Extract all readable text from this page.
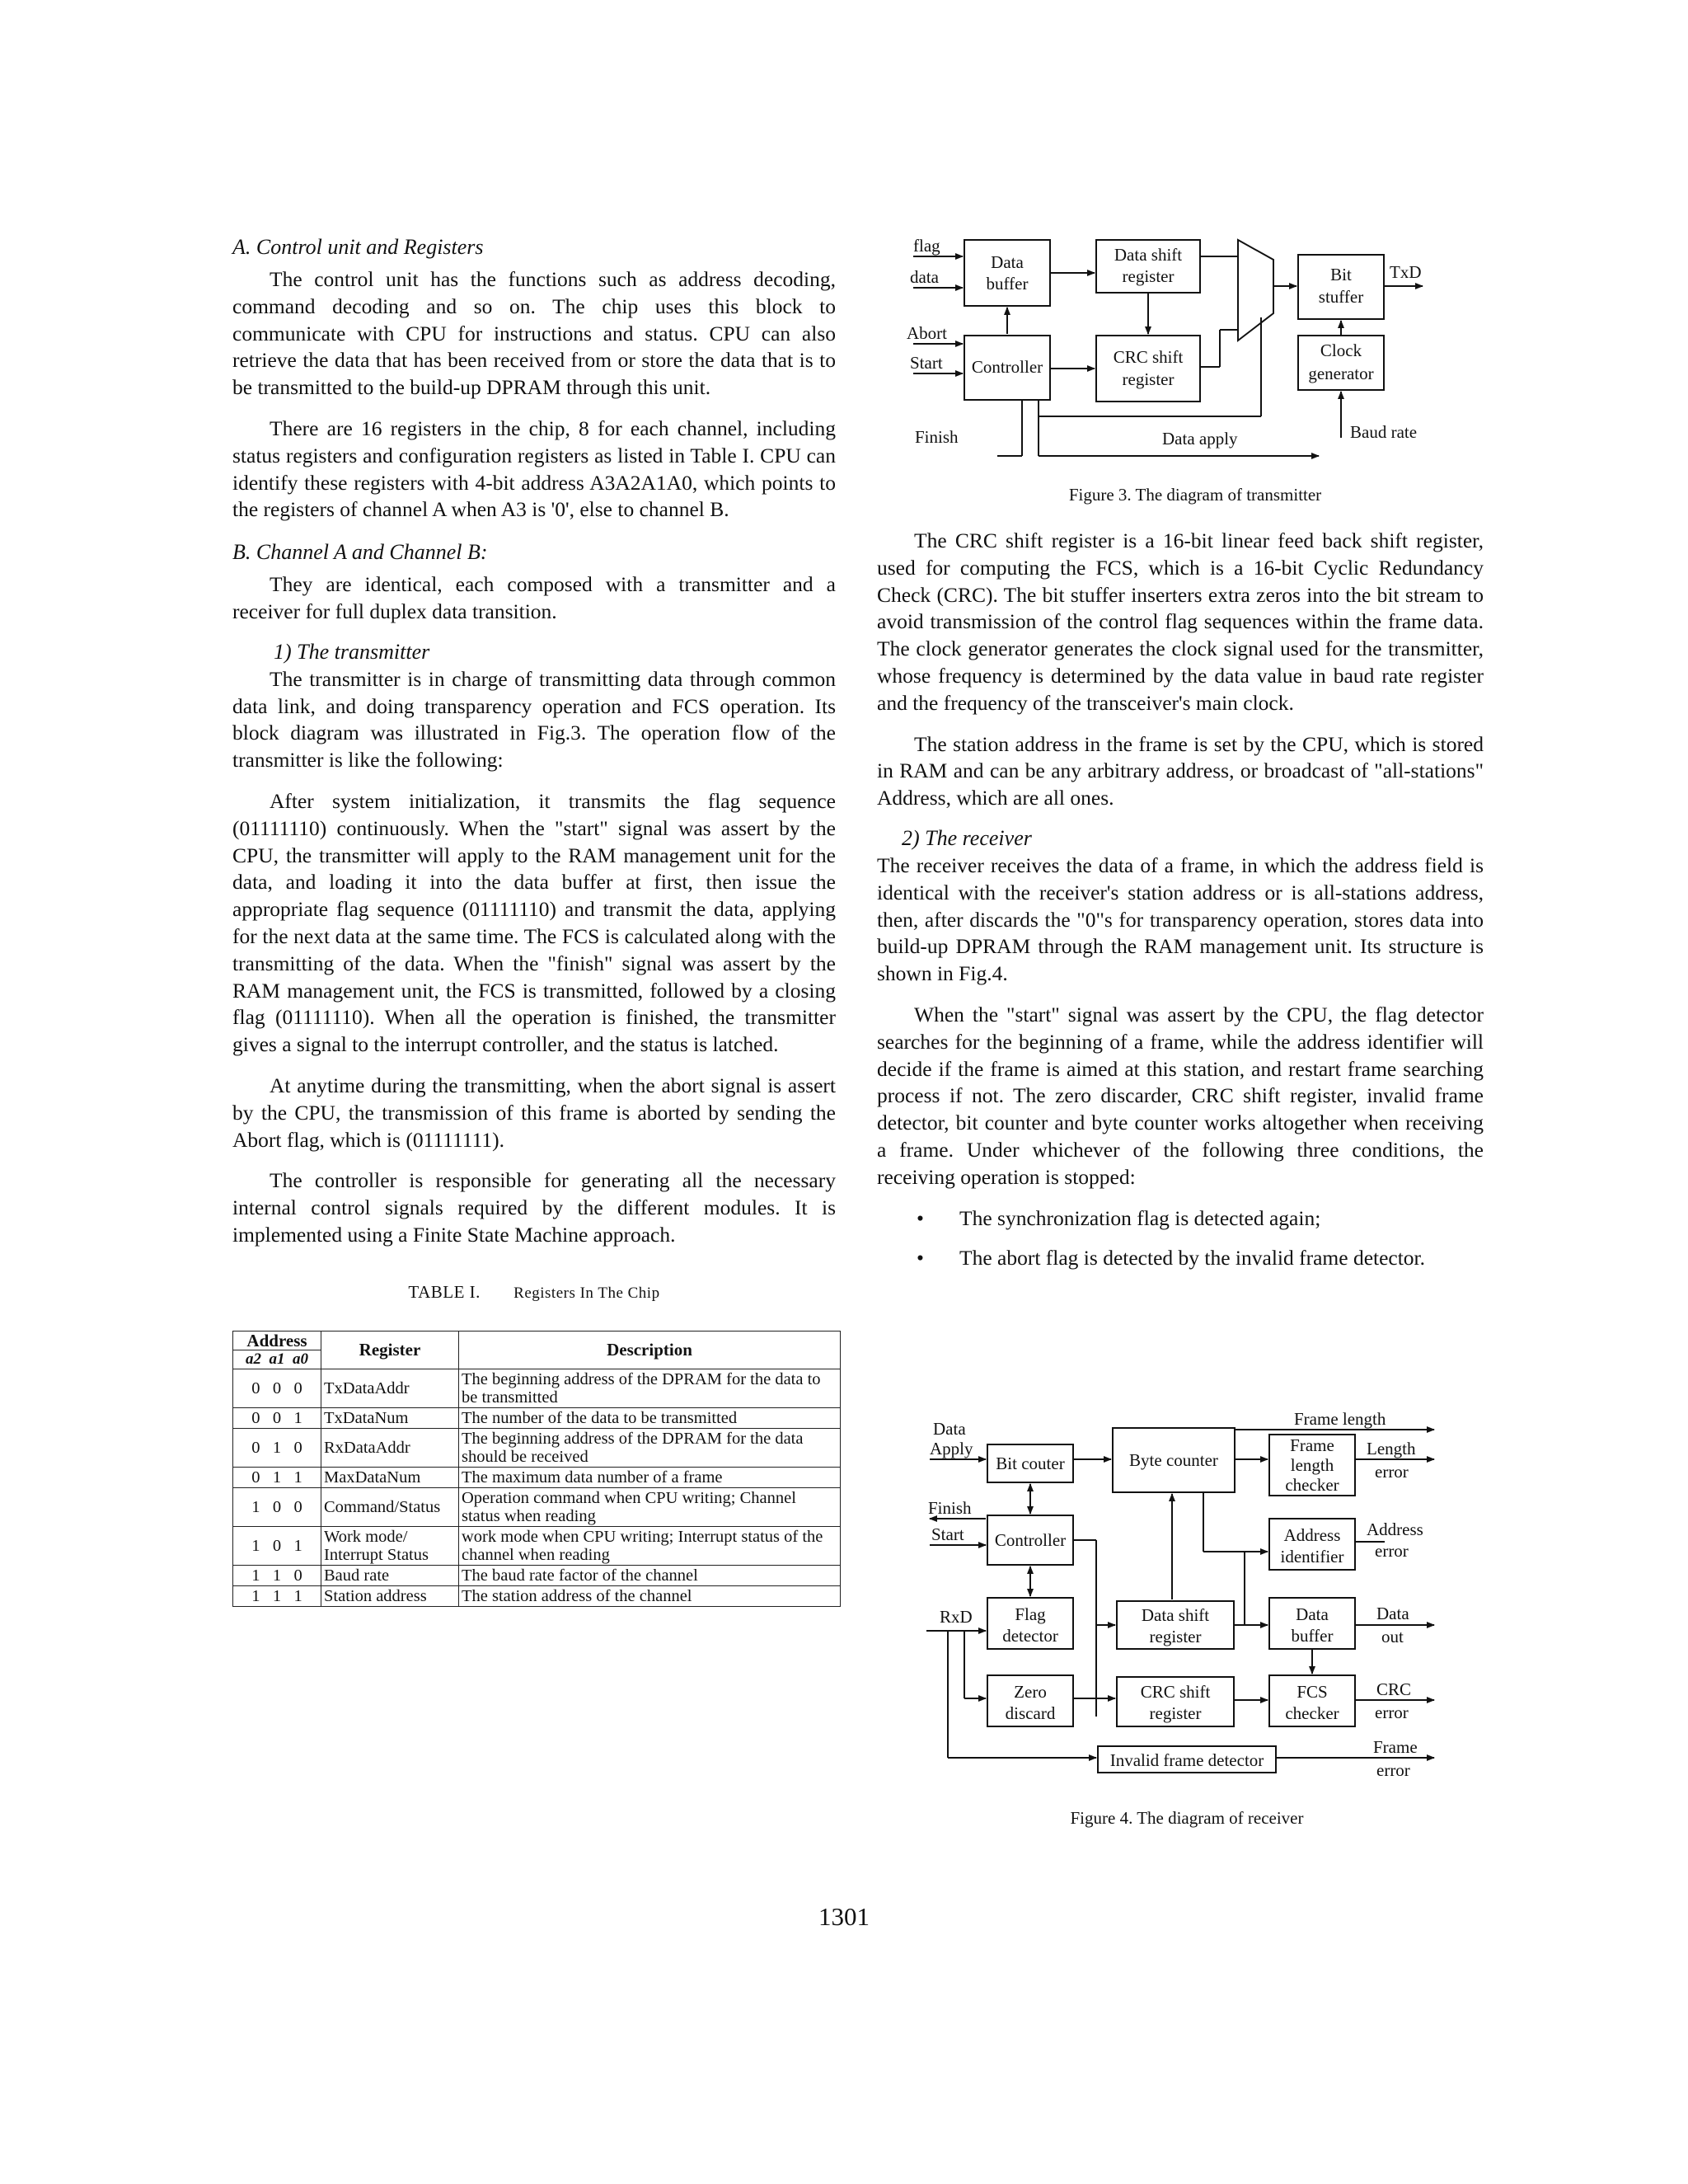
A. Control unit and Registers

The control unit has the functions such as address decoding, command decoding and so on. The chip uses this block to communicate with CPU for instructions and status. CPU can also retrieve the data that has been received from or store the data that is to be transmitted to the build-up DPRAM through this unit.

There are 16 registers in the chip, 8 for each channel, including status registers and configuration registers as listed in Table I. CPU can identify these registers with 4-bit address A3A2A1A0, which points to the registers of channel A when A3 is '0', else to channel B.

B. Channel A and Channel B:

They are identical, each composed with a transmitter and a receiver for full duplex data transition.

1) The transmitter

The transmitter is in charge of transmitting data through common data link, and doing transparency operation and FCS operation. Its block diagram was illustrated in Fig.3. The operation flow of the transmitter is like the following:

After system initialization, it transmits the flag sequence (01111110) continuously. When the "start" signal was assert by the CPU, the transmitter will apply to the RAM management unit for the data, and loading it into the data buffer at first, then issue the appropriate flag sequence (01111110) and transmit the data, applying for the next data at the same time. The FCS is calculated along with the transmitting of the data. When the "finish" signal was assert by the RAM management unit, the FCS is transmitted, followed by a closing flag (01111110). When all the operation is finished, the transmitter gives a signal to the interrupt controller, and the status is latched.

At anytime during the transmitting, when the abort signal is assert by the CPU, the transmission of this frame is aborted by sending the Abort flag, which is (01111111).

The controller is responsible for generating all the necessary internal control signals required by the different modules. It is implemented using a Finite State Machine approach.

TABLE I. Registers In The Chip
Address
a2  a1  a0	Register	Description
0   0   0	TxDataAddr	The beginning address of the DPRAM for the data to be transmitted
0   0   1	TxDataNum	The number of the data to be transmitted
0   1   0	RxDataAddr	The beginning address of the DPRAM for the data should be received
0   1   1	MaxDataNum	The maximum data number of a frame
1   0   0	Command/Status	Operation command when CPU writing; Channel status when reading
1   0   1	Work mode/ Interrupt Status	work mode when CPU writing; Interrupt status of the channel when reading
1   1   0	Baud rate	The baud rate factor of the channel
1   1   1	Station address	The station address of the channel

The CRC shift register is a 16-bit linear feed back shift register, used for computing the FCS, which is a 16-bit Cyclic Redundancy Check (CRC). The bit stuffer inserters extra zeros into the bit stream to avoid transmission of the control flag sequences within the frame data. The clock generator generates the clock signal used for the transmitter, whose frequency is determined by the data value in baud rate register and the frequency of the transceiver's main clock.

The station address in the frame is set by the CPU, which is stored in RAM and can be any arbitrary address, or broadcast of "all-stations" Address, which are all ones.

2) The receiver

The receiver receives the data of a frame, in which the address field is identical with the receiver's station address or is all-stations address, then, after discards the "0"s for transparency operation, stores data into build-up DPRAM through the RAM management unit. Its structure is shown in Fig.4.

When the "start" signal was assert by the CPU, the flag detector searches for the beginning of a frame, while the address identifier will decide if the frame is aimed at this station, and restart frame searching process if not. The zero discarder, CRC shift register, invalid frame detector, bit counter and byte counter works altogether when receiving a frame. Under whichever of the following three conditions, the receiving operation is stopped:

• The synchronization flag is detected again;
• The abort flag is detected by the invalid frame detector.
flag
data
Abort
Start
Finish
Data
buffer
Data shift
register
Controller	CRC shift
register
Bit
stuffer
Clock
generator
TxD
Baud rate
Data apply
Figure 3. The diagram of transmitter
Data
Apply
Finish
Start
RxD
Bit couter	Byte counter
Frame
length
checker
Controller	Address
identifier
Flag
detector
Data shift
register
Data
buffer
Zero
discard
CRC shift
register
FCS
checker
Invalid frame detector
Frame length
Length
error
Address
error
Data
out
CRC
error
Frame
error
Figure 4. The diagram of receiver
1301
